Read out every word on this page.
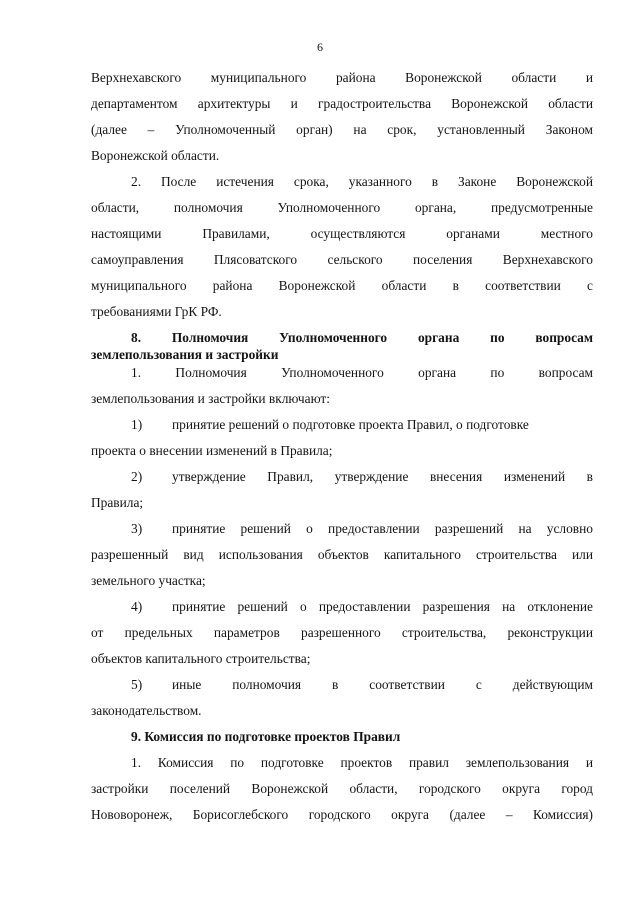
6
Верхнехавского муниципального района Воронежской области и
департаментом архитектуры и градостроительства Воронежской области
(далее – Уполномоченный орган) на срок, установленный Законом
Воронежской области.
2. После истечения срока, указанного в Законе Воронежской
области, полномочия Уполномоченного органа, предусмотренные
настоящими Правилами, осуществляются органами местного
самоуправления Плясоватского сельского поселения Верхнехавского
муниципального района Воронежской области в соответствии с
требованиями ГрК РФ.
8. Полномочия Уполномоченного органа по вопросам
землепользования и застройки
1. Полномочия Уполномоченного органа по вопросам
землепользования и застройки включают:
1) принятие решений о подготовке проекта Правил, о подготовке
проекта о внесении изменений в Правила;
2) утверждение Правил, утверждение внесения изменений в
Правила;
3) принятие решений о предоставлении разрешений на условно
разрешенный вид использования объектов капитального строительства или
земельного участка;
4) принятие решений о предоставлении разрешения на отклонение
от предельных параметров разрешенного строительства, реконструкции
объектов капитального строительства;
5) иные полномочия в соответствии с действующим
законодательством.
9. Комиссия по подготовке проектов Правил
1. Комиссия по подготовке проектов правил землепользования и
застройки поселений Воронежской области, городского округа город
Нововоронеж, Борисоглебского городского округа (далее – Комиссия)
